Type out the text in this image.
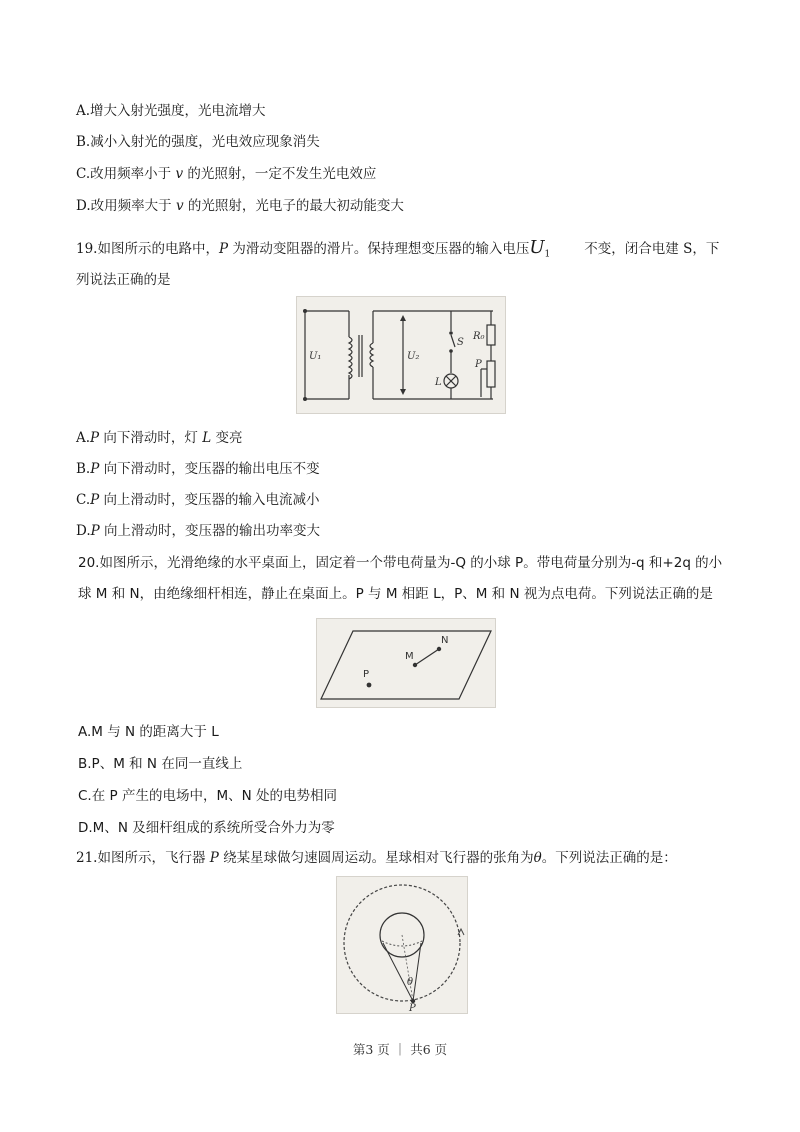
A.增大入射光强度，光电流增大
B.减小入射光的强度，光电效应现象消失
C.改用频率小于 v 的光照射，一定不发生光电效应
D.改用频率大于 v 的光照射，光电子的最大初动能变大
19.如图所示的电路中，P 为滑动变阻器的滑片。保持理想变压器的输入电压$U_1$	不变，闭合电建 S，下
列说法正确的是
U₁	U₂
S
R₀
P
L
A.P 向下滑动时，灯 L 变亮
B.P 向下滑动时，变压器的输出电压不变
C.P 向上滑动时，变压器的输入电流减小
D.P 向上滑动时，变压器的输出功率变大
20.如图所示，光滑绝缘的水平桌面上，固定着一个带电荷量为-Q 的小球 P。带电荷量分别为-q 和+2q 的小
球 M 和 N，由绝缘细杆相连，静止在桌面上。P 与 M 相距 L，P、M 和 N 视为点电荷。下列说法正确的是
P
M
N
A.M 与 N 的距离大于 L
B.P、M 和 N 在同一直线上
C.在 P 产生的电场中，M、N 处的电势相同
D.M、N 及细杆组成的系统所受合外力为零
21.如图所示，飞行器 P 绕某星球做匀速圆周运动。星球相对飞行器的张角为θ。下列说法正确的是：
θ
P
第3 页 ｜ 共6 页
